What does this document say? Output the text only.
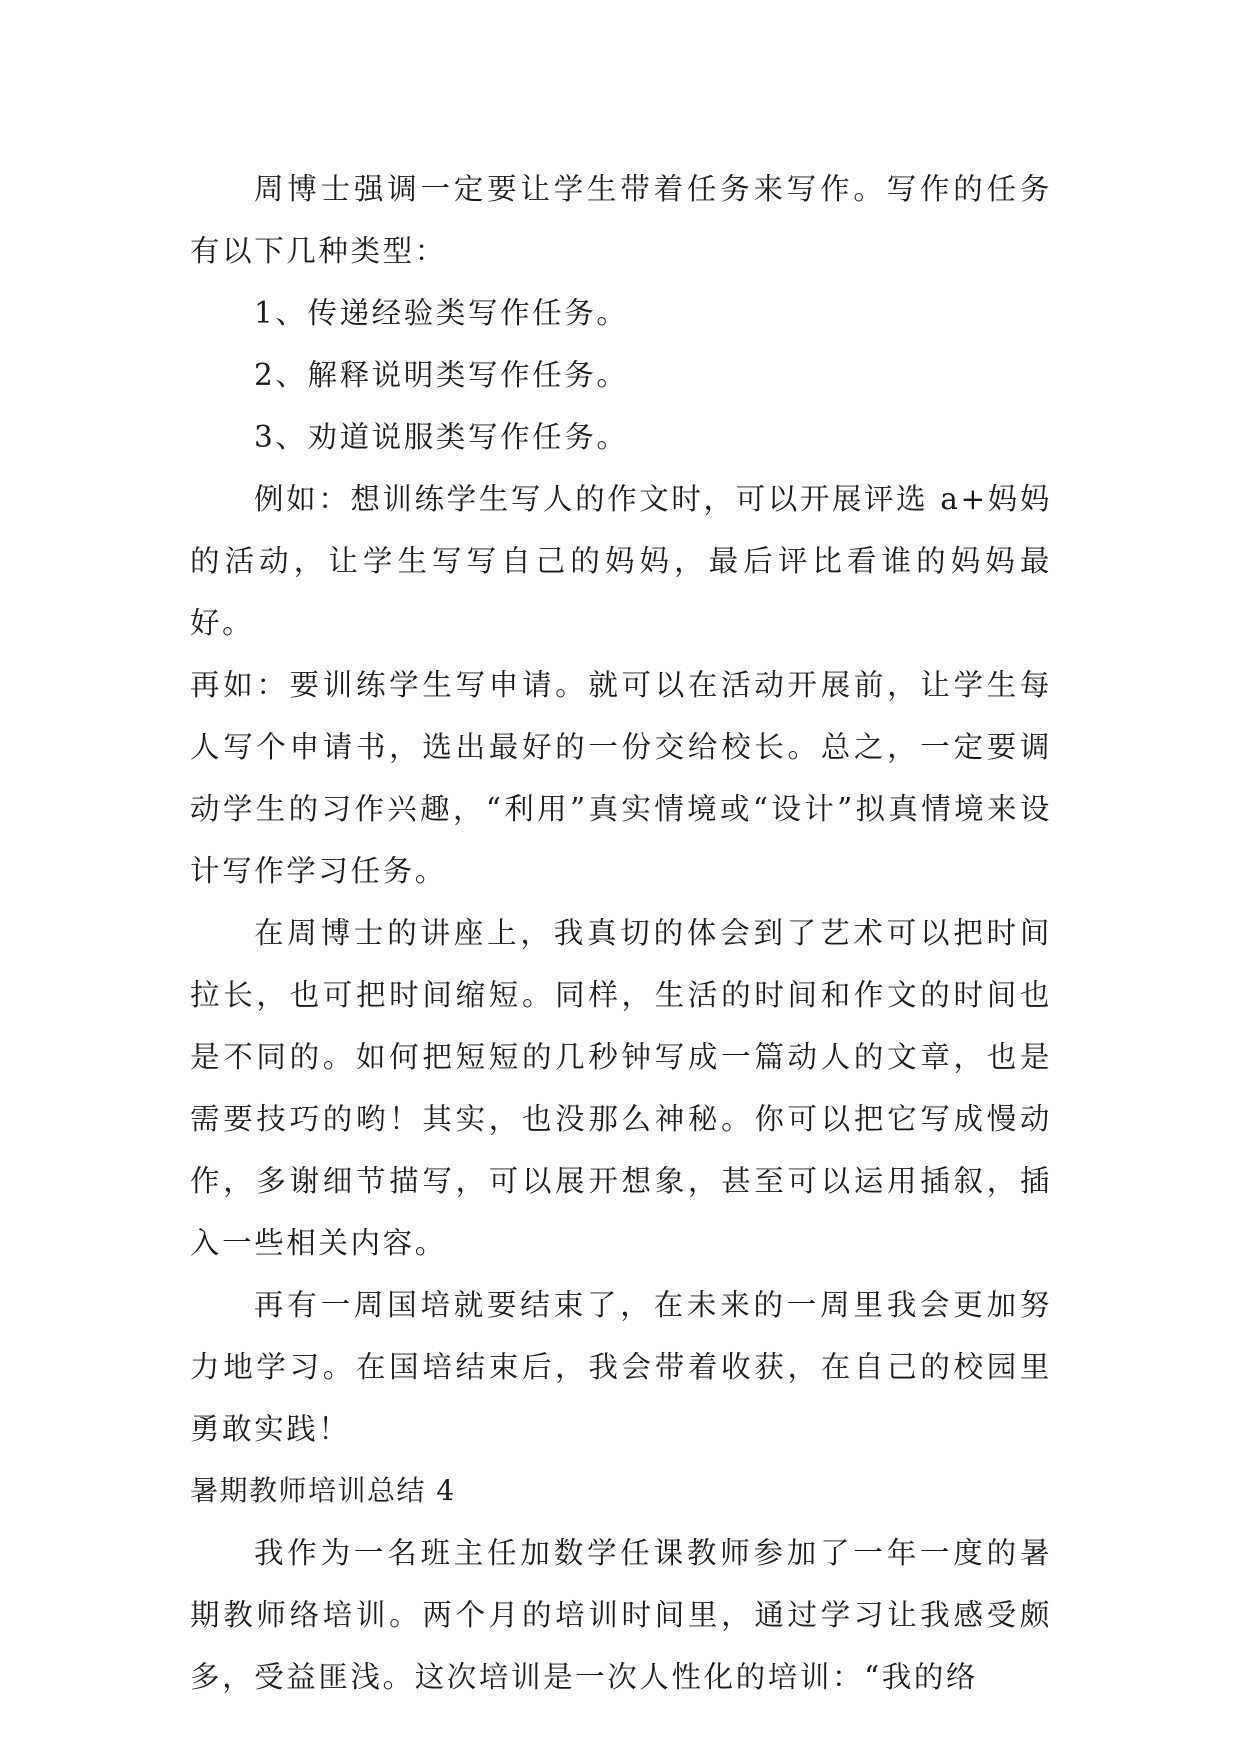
周博士强调一定要让学生带着任务来写作。写作的任务有以下几种类型：

1、传递经验类写作任务。

2、解释说明类写作任务。

3、劝道说服类写作任务。

例如：想训练学生写人的作文时，可以开展评选 a+妈妈的活动，让学生写写自己的妈妈，最后评比看谁的妈妈最好。

再如：要训练学生写申请。就可以在活动开展前，让学生每人写个申请书，选出最好的一份交给校长。总之，一定要调动学生的习作兴趣，“利用”真实情境或“设计”拟真情境来设计写作学习任务。

在周博士的讲座上，我真切的体会到了艺术可以把时间拉长，也可把时间缩短。同样，生活的时间和作文的时间也是不同的。如何把短短的几秒钟写成一篇动人的文章，也是需要技巧的哟！其实，也没那么神秘。你可以把它写成慢动作，多谢细节描写，可以展开想象，甚至可以运用插叙，插入一些相关内容。

再有一周国培就要结束了，在未来的一周里我会更加努力地学习。在国培结束后，我会带着收获，在自己的校园里勇敢实践！

暑期教师培训总结 4

我作为一名班主任加数学任课教师参加了一年一度的暑期教师络培训。两个月的培训时间里，通过学习让我感受颇多，受益匪浅。这次培训是一次人性化的培训：“我的络
